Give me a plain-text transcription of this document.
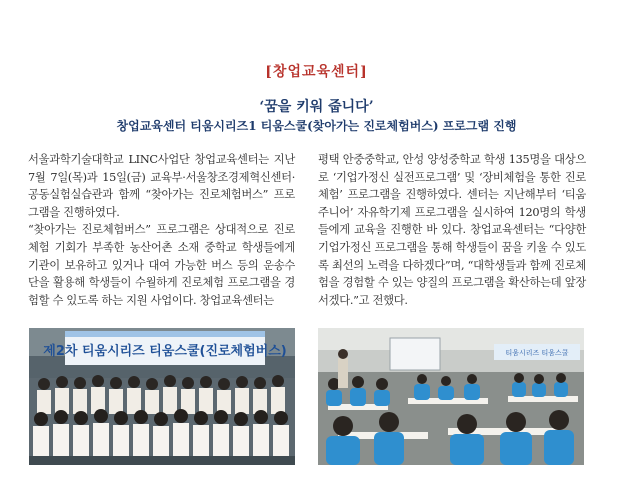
[창업교육센터]
‘꿈을 키워 줍니다’
창업교육센터 티움시리즈1 티움스쿨(찾아가는 진로체험버스) 프로그램 진행

서울과학기술대학교 LINC사업단 창업교육센터는 지난 7월 7일(목)과 15일(금) 교육부·서울창조경제혁신센터·공동실험실습관과 함께 “찾아가는 진로체험버스” 프로그램을 진행하였다.

“찾아가는 진로체험버스” 프로그램은 상대적으로 진로체험 기회가 부족한 농산어촌 소재 중학교 학생들에게 기관이 보유하고 있거나 대여 가능한 버스 등의 운송수단을 활용해 학생들이 수월하게 진로체험 프로그램을 경험할 수 있도록 하는 지원 사업이다. 창업교육센터는

평택 안중중학교, 안성 양성중학교 학생 135명을 대상으로 ‘기업가정신 실전프로그램’ 및 ‘장비체험을 통한 진로체험’ 프로그램을 진행하였다. 센터는 지난해부터 ‘티움주니어’ 자유학기제 프로그램을 실시하여 120명의 학생들에게 교육을 진행한 바 있다. 창업교육센터는 “다양한 기업가정신 프로그램을 통해 학생들이 꿈을 키울 수 있도록 최선의 노력을 다하겠다”며, “대학생들과 함께 진로체험을 경험할 수 있는 양질의 프로그램을 확산하는데 앞장서겠다.”고 전했다.

제2차 티움시리즈 티움스쿨(진로체험버스)	티움시리즈 티움스쿨
